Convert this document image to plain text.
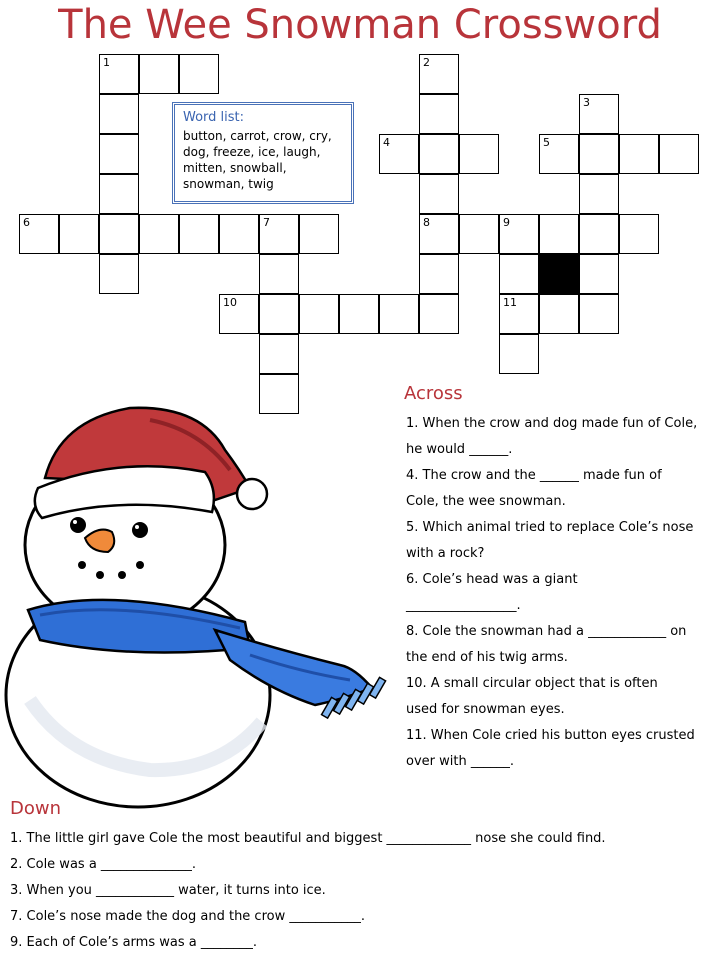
The Wee Snowman Crossword
1
6	7
10
2
8
4	5
3
9
11
Word list:
button, carrot, crow, cry, dog, freeze, ice, laugh, mitten, snowball, snowman, twig
Across
1. When the crow and dog made fun of Cole,
he would ______.
4. The crow and the ______ made fun of
Cole, the wee snowman.
5. Which animal tried to replace Cole’s nose
with a rock?
6. Cole’s head was a giant
_________________.
8. Cole the snowman had a ____________ on
the end of his twig arms.
10. A small circular object that is often
used for snowman eyes.
11. When Cole cried his button eyes crusted
over with ______.
Down
1. The little girl gave Cole the most beautiful and biggest _____________ nose she could find.
2. Cole was a ______________.
3. When you ____________ water, it turns into ice.
7. Cole’s nose made the dog and the crow ___________.
9. Each of Cole’s arms was a ________.
